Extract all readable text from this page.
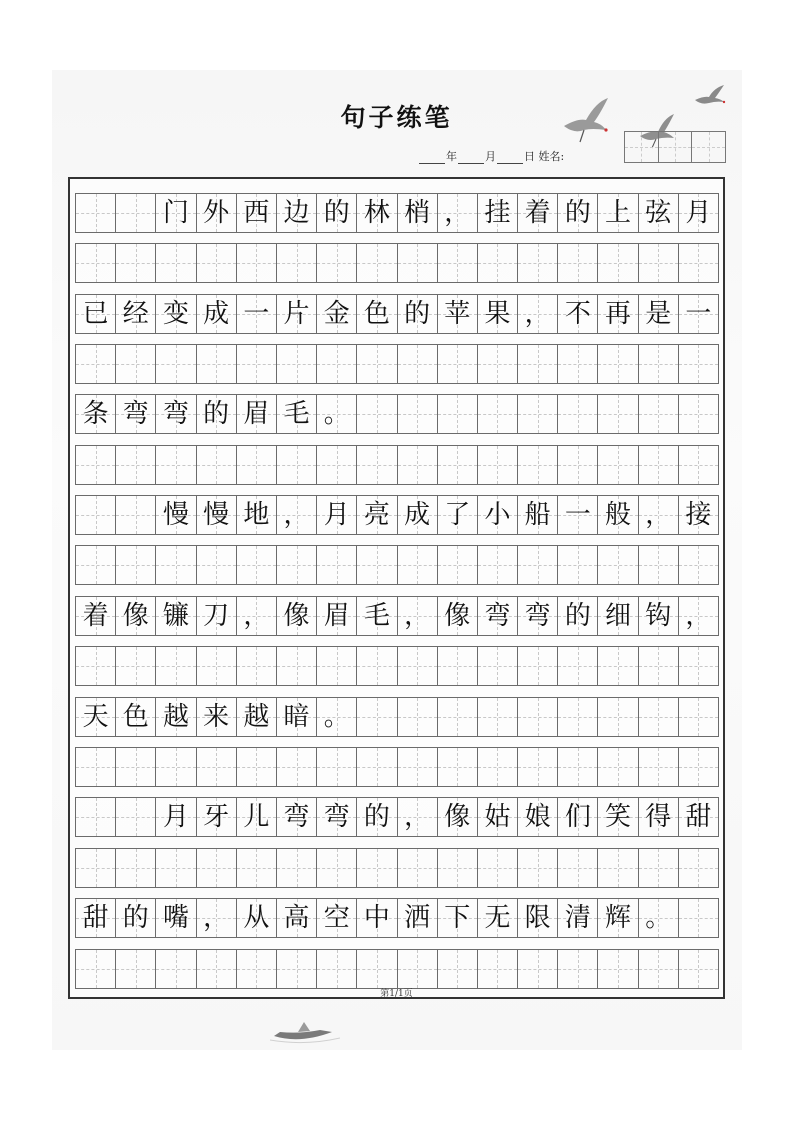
句子练笔
年	月	日 姓名:
门 外 西 边 的 林 梢 ， 挂 着 的 上 弦 月
已 经 变 成 一 片 金 色 的 苹 果 ， 不 再 是 一
条 弯 弯 的 眉 毛 。
慢 慢 地 ， 月 亮 成 了 小 船 一 般 ， 接
着 像 镰 刀 ， 像 眉 毛 ， 像 弯 弯 的 细 钩 ，
天 色 越 来 越 暗 。
月 牙 儿 弯 弯 的 ， 像 姑 娘 们 笑 得 甜
甜 的 嘴 ， 从 高 空 中 洒 下 无 限 清 辉 。
第1/1页
